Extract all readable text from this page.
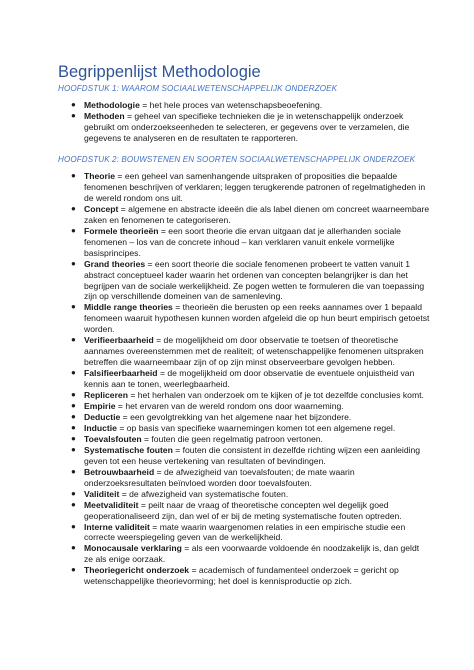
Begrippenlijst Methodologie
HOOFDSTUK 1: WAAROM SOCIAALWETENSCHAPPELIJK ONDERZOEK
● Methodologie = het hele proces van wetenschapsbeoefening.
● Methoden = geheel van specifieke technieken die je in wetenschappelijk onderzoek gebruikt om onderzoekseenheden te selecteren, er gegevens over te verzamelen, die gegevens te analyseren en de resultaten te rapporteren.
HOOFDSTUK 2: BOUWSTENEN EN SOORTEN SOCIAALWETENSCHAPPELIJK ONDERZOEK
● Theorie = een geheel van samenhangende uitspraken of proposities die bepaalde fenomenen beschrijven of verklaren; leggen terugkerende patronen of regelmatigheden in de wereld rondom ons uit.
● Concept = algemene en abstracte ideeën die als label dienen om concreet waarneembare zaken en fenomenen te categoriseren.
● Formele theorieën = een soort theorie die ervan uitgaan dat je allerhanden sociale fenomenen – los van de concrete inhoud – kan verklaren vanuit enkele vormelijke basisprincipes.
● Grand theories = een soort theorie die sociale fenomenen probeert te vatten vanuit 1 abstract conceptueel kader waarin het ordenen van concepten belangrijker is dan het begrijpen van de sociale werkelijkheid. Ze pogen wetten te formuleren die van toepassing zijn op verschillende domeinen van de samenleving.
● Middle range theories = theorieën die berusten op een reeks aannames over 1 bepaald fenomeen waaruit hypothesen kunnen worden afgeleid die op hun beurt empirisch getoetst worden.
● Verifieerbaarheid = de mogelijkheid om door observatie te toetsen of theoretische aannames overeenstemmen met de realiteit; of wetenschappelijke fenomenen uitspraken betreffen die waarneembaar zijn of op zijn minst observeerbare gevolgen hebben.
● Falsifieerbaarheid = de mogelijkheid om door observatie de eventuele onjuistheid van kennis aan te tonen, weerlegbaarheid.
● Repliceren = het herhalen van onderzoek om te kijken of je tot dezelfde conclusies komt.
● Empirie = het ervaren van de wereld rondom ons door waarneming.
● Deductie = een gevolgtrekking van het algemene naar het bijzondere.
● Inductie = op basis van specifieke waarnemingen komen tot een algemene regel.
● Toevalsfouten = fouten die geen regelmatig patroon vertonen.
● Systematische fouten = fouten die consistent in dezelfde richting wijzen een aanleiding geven tot een heuse vertekening van resultaten of bevindingen.
● Betrouwbaarheid = de afwezigheid van toevalsfouten; de mate waarin onderzoeksresultaten beïnvloed worden door toevalsfouten.
● Validiteit = de afwezigheid van systematische fouten.
● Meetvaliditeit = peilt naar de vraag of theoretische concepten wel degelijk goed geoperationaliseerd zijn, dan wel of er bij de meting systematische fouten optreden.
● Interne validiteit = mate waarin waargenomen relaties in een empirische studie een correcte weerspiegeling geven van de werkelijkheid.
● Monocausale verklaring = als een voorwaarde voldoende én noodzakelijk is, dan geldt ze als enige oorzaak.
● Theoriegericht onderzoek = academisch of fundamenteel onderzoek = gericht op wetenschappelijke theorievorming; het doel is kennisproductie op zich.
